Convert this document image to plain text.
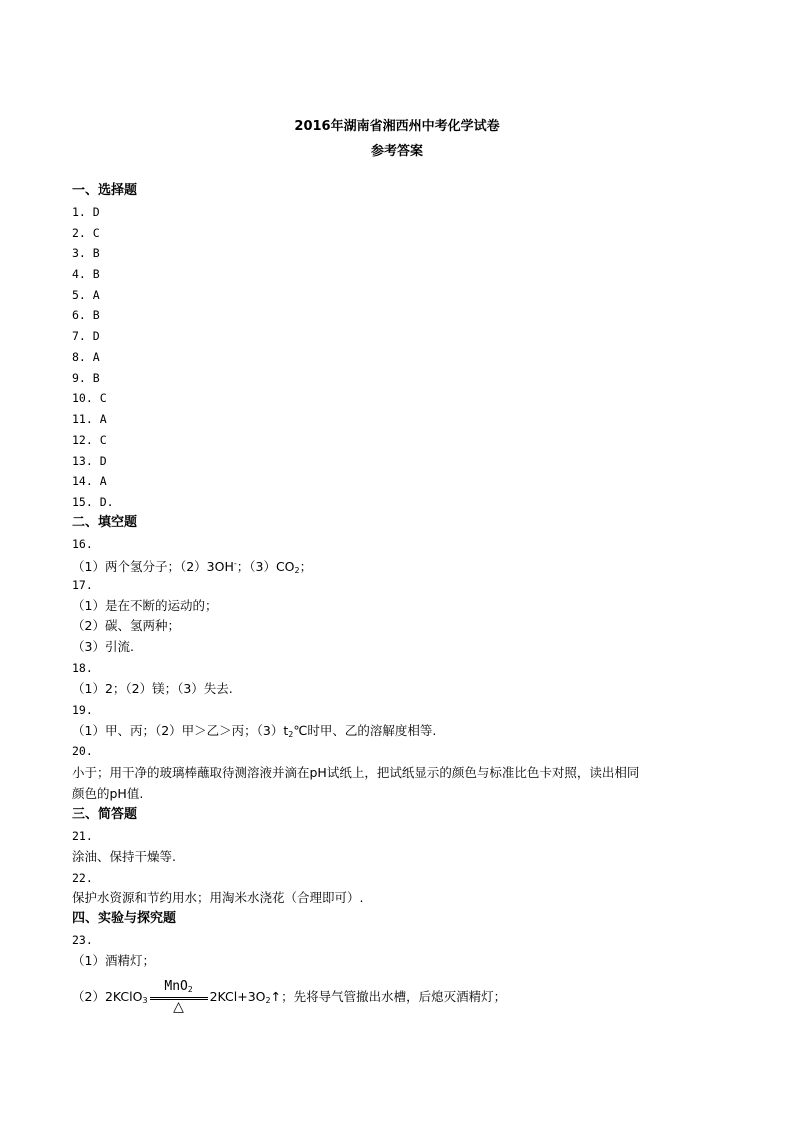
2016年湖南省湘西州中考化学试卷
参考答案
一、选择题
1. D
2. C
3. B
4. B
5. A
6. B
7. D
8. A
9. B
10. C
11. A
12. C
13. D
14. A
15. D.
二、填空题
16.
（1）两个氢分子；（2）3OH-；$(3)CO_2$；
17.
（1）是在不断的运动的；
（2）碳、氢两种；
（3）引流.
18.
（1）2；（2）镁；（3）失去.
19.
（1）甲、丙；（2）甲＞乙＞丙；$(3)t_2℃$时甲、乙的溶解度相等.
20.
小于；用干净的玻璃棒蘸取待测溶液并滴在pH试纸上，把试纸显示的颜色与标准比色卡对照，读出相同
颜色的pH值.
三、简答题
21.
涂油、保持干燥等.
22.
保护水资源和节约用水；用淘米水浇花（合理即可）.
四、实验与探究题
23.
（1）酒精灯；
（2）2KClO$_3$
MnO$_2$
△
$2KCl+3O_2↑$；先将导气管撤出水槽，后熄灭酒精灯；
